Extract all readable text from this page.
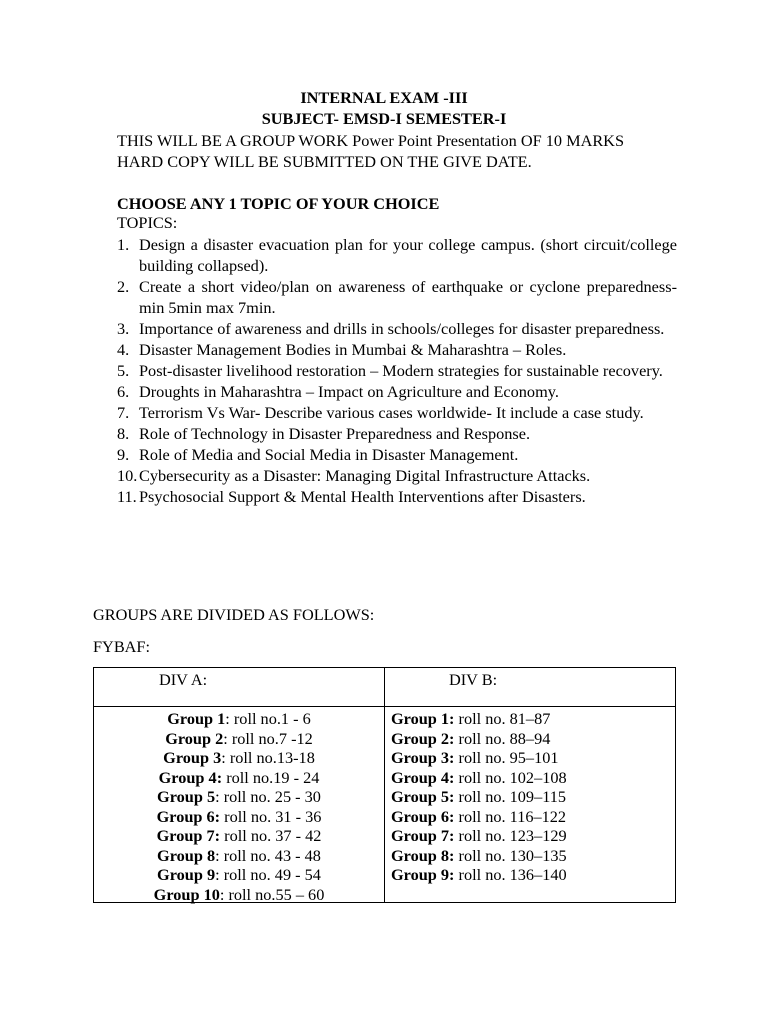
INTERNAL EXAM -III
SUBJECT- EMSD-I SEMESTER-I
THIS WILL BE A GROUP WORK Power Point Presentation OF 10 MARKS
HARD COPY WILL BE SUBMITTED ON THE GIVE DATE.
CHOOSE ANY 1 TOPIC OF YOUR CHOICE
TOPICS:
1. Design a disaster evacuation plan for your college campus. (short circuit/college building collapsed).
2. Create a short video/plan on awareness of earthquake or cyclone preparedness- min 5min max 7min.
3. Importance of awareness and drills in schools/colleges for disaster preparedness.
4. Disaster Management Bodies in Mumbai & Maharashtra – Roles.
5. Post-disaster livelihood restoration – Modern strategies for sustainable recovery.
6. Droughts in Maharashtra – Impact on Agriculture and Economy.
7. Terrorism Vs War- Describe various cases worldwide- It include a case study.
8. Role of Technology in Disaster Preparedness and Response.
9. Role of Media and Social Media in Disaster Management.
10. Cybersecurity as a Disaster: Managing Digital Infrastructure Attacks.
11. Psychosocial Support & Mental Health Interventions after Disasters.
GROUPS ARE DIVIDED AS FOLLOWS:
FYBAF:
DIV A:	DIV B:
Group 1: roll no.1 - 6
Group 2: roll no.7 -12
Group 3: roll no.13-18
Group 4: roll no.19 - 24
Group 5: roll no. 25 - 30
Group 6: roll no. 31 - 36
Group 7: roll no. 37 - 42
Group 8: roll no. 43 - 48
Group 9: roll no. 49 - 54
Group 10: roll no.55 – 60
Group 1: roll no. 81–87
Group 2: roll no. 88–94
Group 3: roll no. 95–101
Group 4: roll no. 102–108
Group 5: roll no. 109–115
Group 6: roll no. 116–122
Group 7: roll no. 123–129
Group 8: roll no. 130–135
Group 9: roll no. 136–140
